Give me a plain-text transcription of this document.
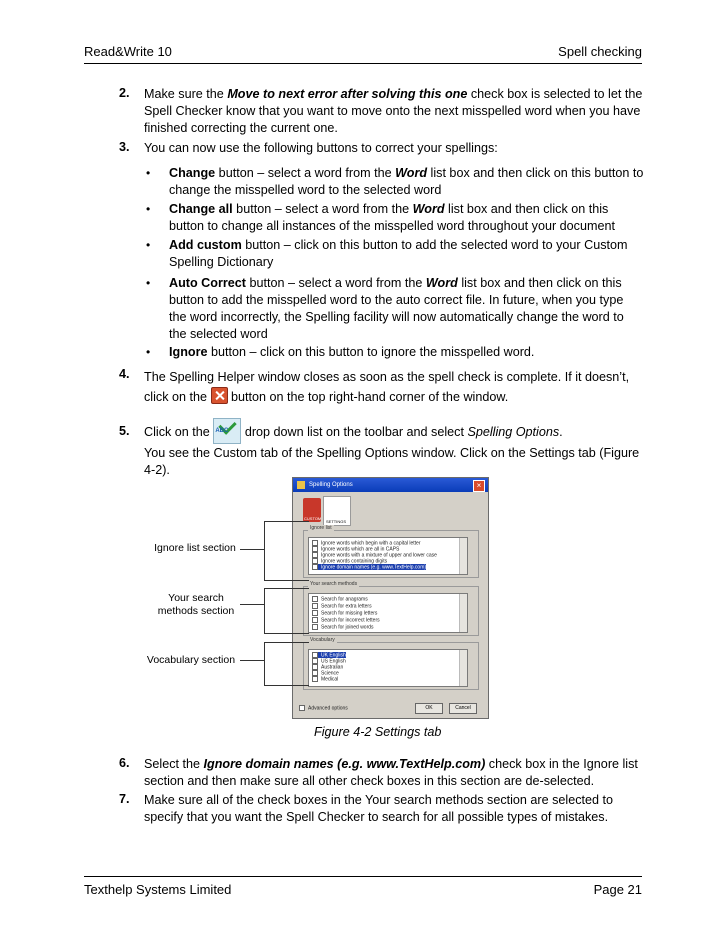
Read&Write 10	Spell checking
2. Make sure the Move to next error after solving this one check box is selected to let the Spell Checker know that you want to move onto the next misspelled word when you have finished correcting the current one.
3. You can now use the following buttons to correct your spellings:
• Change button – select a word from the Word list box and then click on this button to change the misspelled word to the selected word
• Change all button – select a word from the Word list box and then click on this button to change all instances of the misspelled word throughout your document
• Add custom button – click on this button to add the selected word to your Custom Spelling Dictionary
• Auto Correct button – select a word from the Word list box and then click on this button to add the misspelled word to the auto correct file. In future, when you type the word incorrectly, the Spelling facility will now automatically change the word to the selected word
• Ignore button – click on this button to ignore the misspelled word.
4. The Spelling Helper window closes as soon as the spell check is complete. If it doesn’t, click on the button on the top right-hand corner of the window.
5. Click on the ABC drop down list on the toolbar and select Spelling Options.
You see the Custom tab of the Spelling Options window. Click on the Settings tab (Figure 4-2).
Spelling Options	×
CUSTOM
SETTINGS
Ignore list
Ignore words which begin with a capital letter
Ignore words which are all in CAPS
Ignore words with a mixture of upper and lower case
Ignore words containing digits
Ignore domain names (e.g. www.TextHelp.com)
Your search methods
Search for anagrams
Search for extra letters
Search for missing letters
Search for incorrect letters
Search for joined words
Vocabulary
UK English
US English
Australian
Science
Medical
Advanced options	OK	Cancel
Ignore list section
Your search methods section
Vocabulary section
Figure 4-2 Settings tab
6. Select the Ignore domain names (e.g. www.TextHelp.com) check box in the Ignore list section and then make sure all other check boxes in this section are de-selected.
7. Make sure all of the check boxes in the Your search methods section are selected to specify that you want the Spell Checker to search for all possible types of mistakes.
Texthelp Systems Limited	Page 21
